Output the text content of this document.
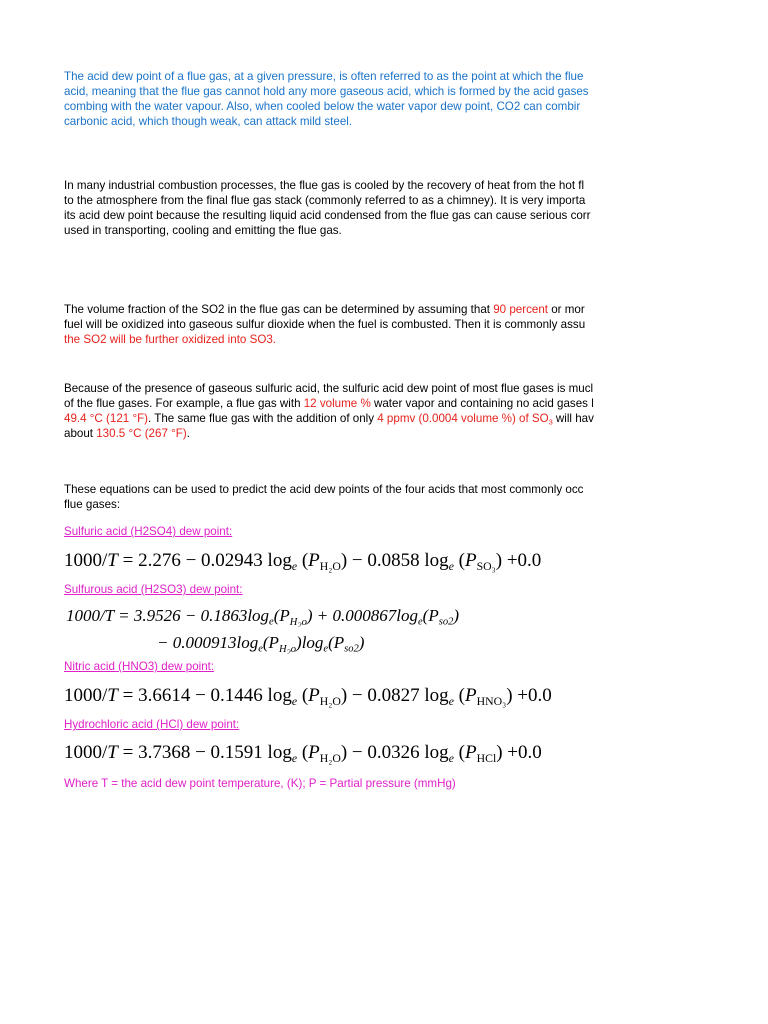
The acid dew point of a flue gas, at a given pressure, is often referred to as the point at which the flue
acid, meaning that the flue gas cannot hold any more gaseous acid, which is formed by the acid gases
combing with the water vapour. Also, when cooled below the water vapor dew point, CO2 can combir
carbonic acid, which though weak, can attack mild steel.
In many industrial combustion processes, the flue gas is cooled by the recovery of heat from the hot fl
to the atmosphere from the final flue gas stack (commonly referred to as a chimney). It is very importa
its acid dew point because the resulting liquid acid condensed from the flue gas can cause serious corr
used in transporting, cooling and emitting the flue gas.
The volume fraction of the SO2 in the flue gas can be determined by assuming that 90 percent or mor
fuel will be oxidized into gaseous sulfur dioxide when the fuel is combusted. Then it is commonly assu
the SO2 will be further oxidized into SO3.
Because of the presence of gaseous sulfuric acid, the sulfuric acid dew point of most flue gases is mucl
of the flue gases. For example, a flue gas with 12 volume % water vapor and containing no acid gases l
49.4 °C (121 °F). The same flue gas with the addition of only 4 ppmv (0.0004 volume %) of $SO_3$ will hav
about 130.5 °C (267 °F).
These equations can be used to predict the acid dew points of the four acids that most commonly occ
flue gases:
Sulfuric acid (H2SO4) dew point:
1000/T = 2.276 − 0.02943 $\log_e (P_{H_2O}) - 0.0858$ $\log_e (P_{SO_3}) +0.0$
Sulfurous acid (H2SO3) dew point:
$1000/T = 3.9526 - 0.1863\log_e(P_{H_2o}) + 0.000867\log_e(P_{so2})$
− $0.000913\log_e(P_{H_2o})\log_e(P_{so2})$
Nitric acid (HNO3) dew point:
1000/T = 3.6614 − 0.1446 $\log_e (P_{H_2O}) - 0.0827$ $\log_e (P_{HNO_3}) +0.0$
Hydrochloric acid (HCl) dew point:
1000/T = 3.7368 − 0.1591 $\log_e (P_{H_2O}) - 0.0326$ $\log_e (P_{HCl}) +0.0$
Where T = the acid dew point temperature, (K); P = Partial pressure (mmHg)
